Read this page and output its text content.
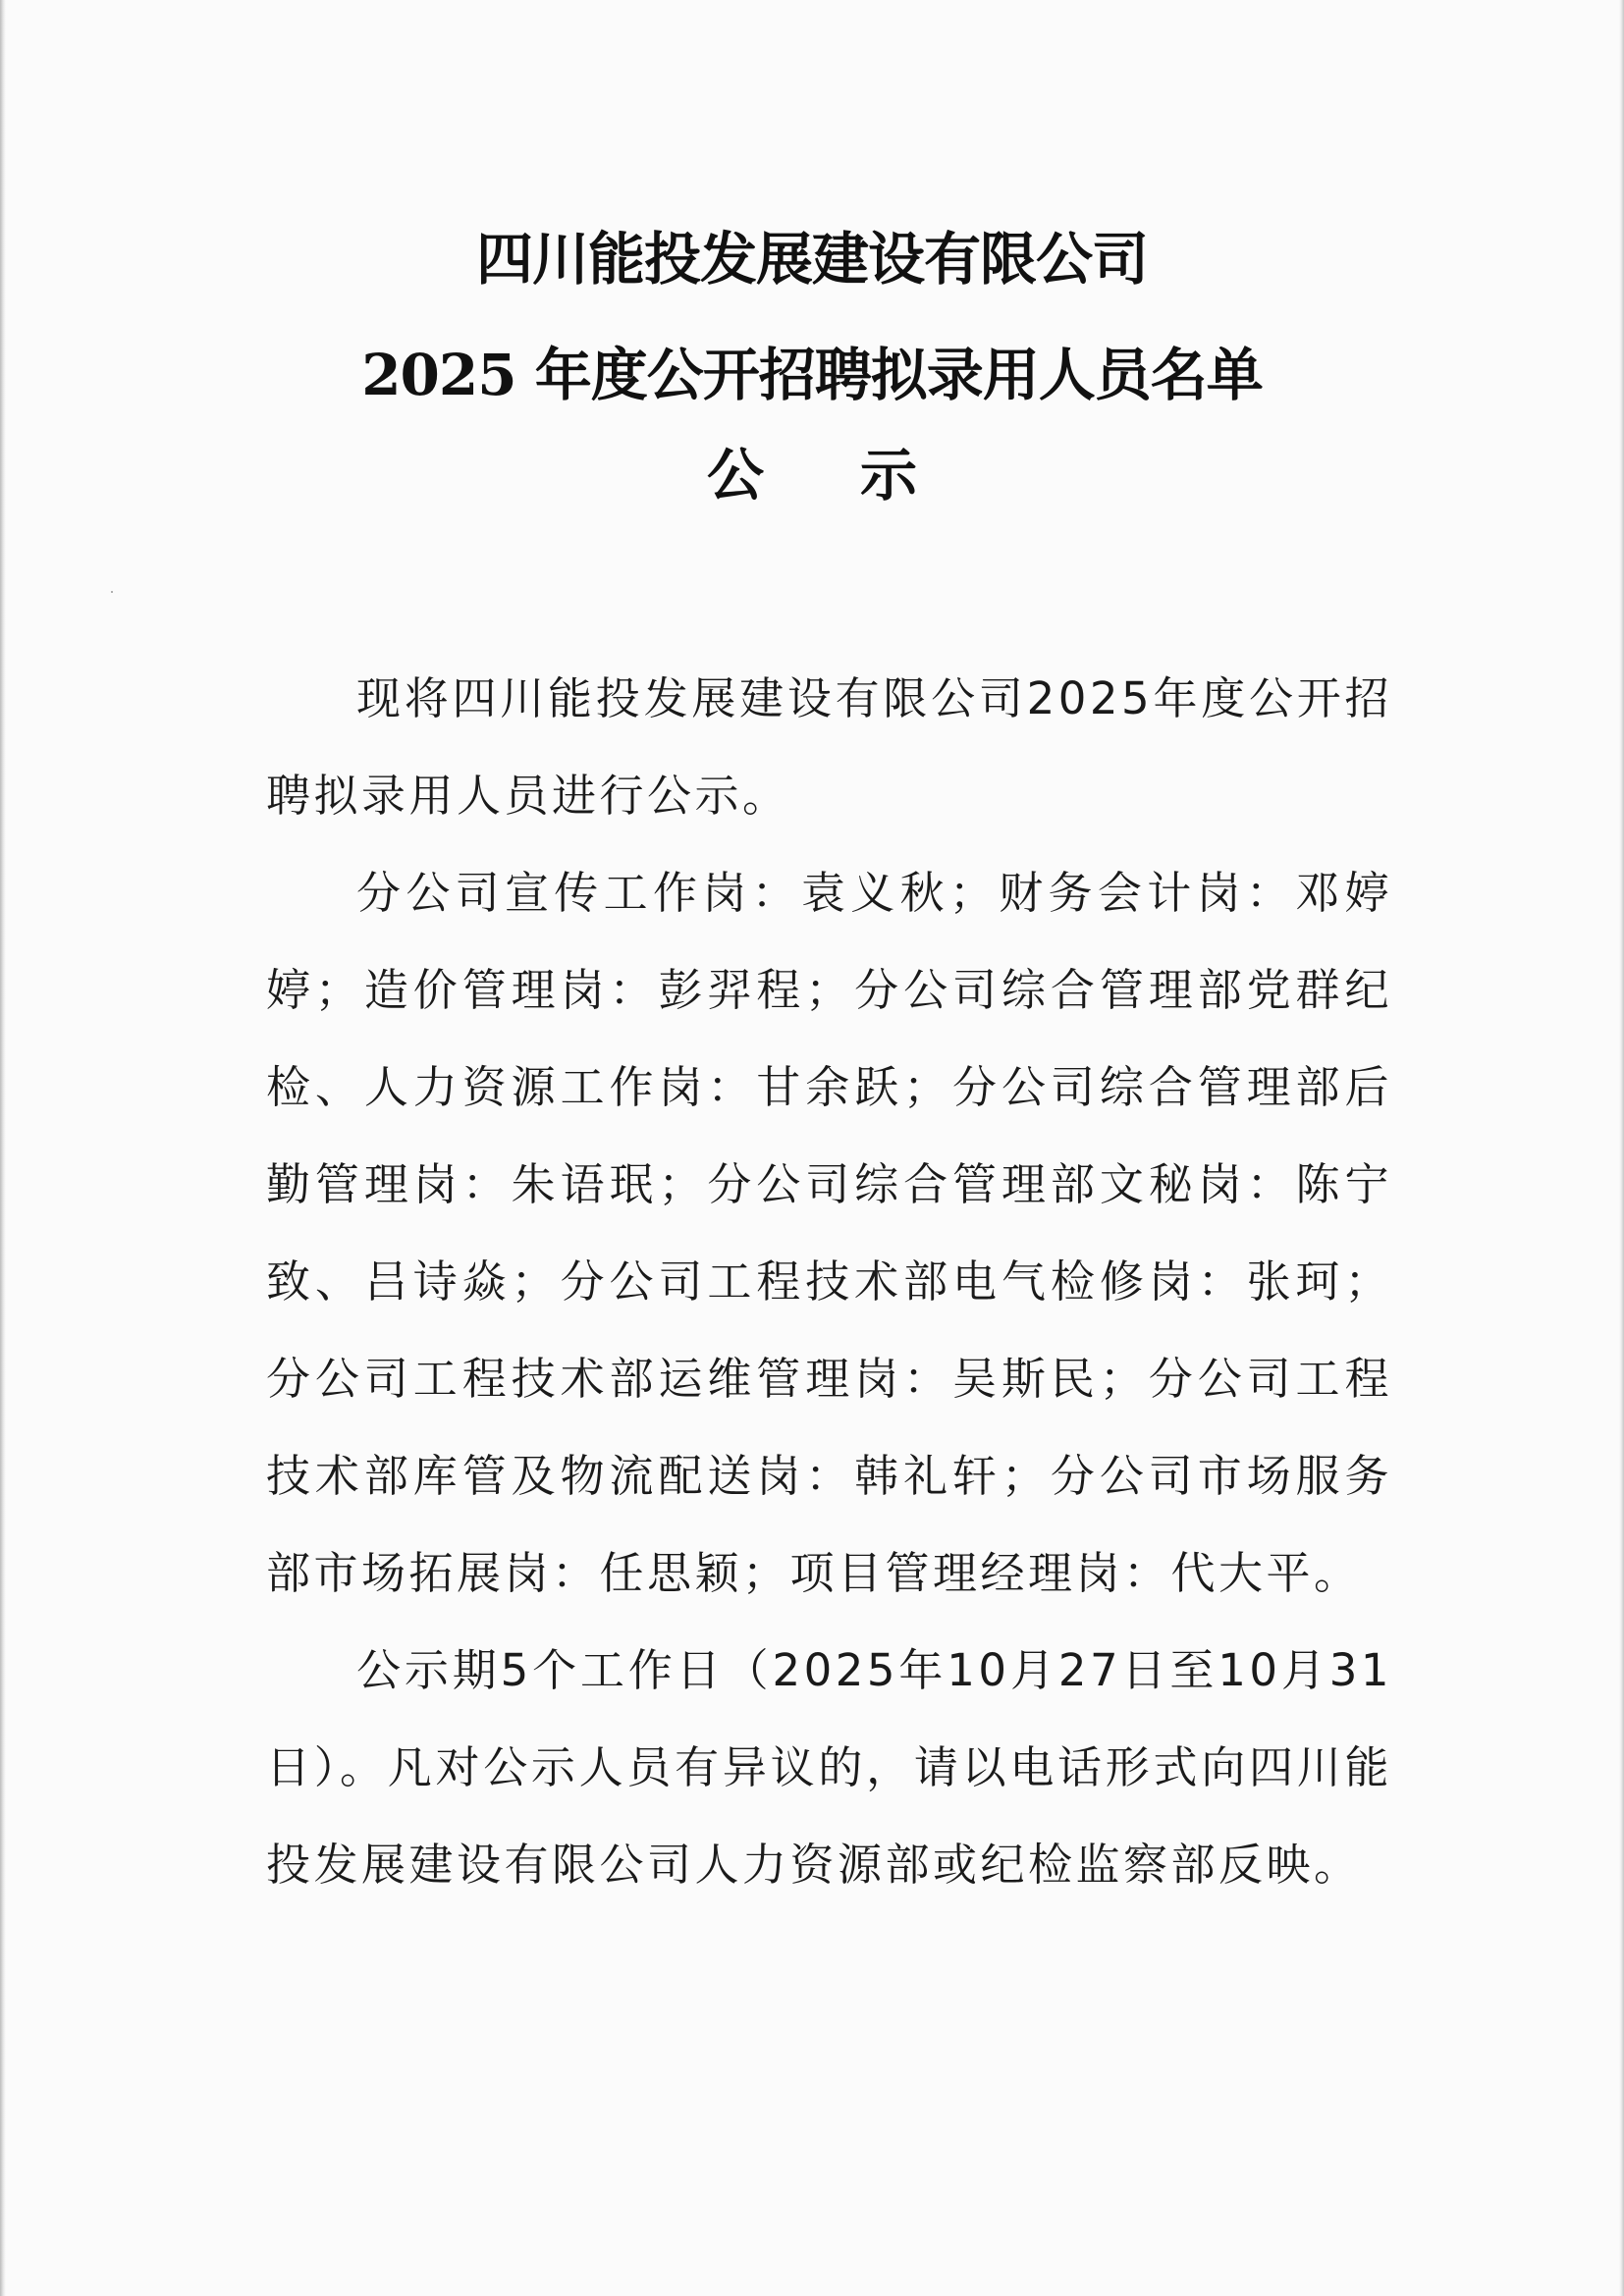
四川能投发展建设有限公司
2025 年度公开招聘拟录用人员名单
公示

现将四川能投发展建设有限公司2025年度公开招聘拟录用人员进行公示。

分公司宣传工作岗：袁义秋；财务会计岗：邓婷婷；造价管理岗：彭羿程；分公司综合管理部党群纪检、人力资源工作岗：甘余跃；分公司综合管理部后勤管理岗：朱语珉；分公司综合管理部文秘岗：陈宁致、吕诗焱；分公司工程技术部电气检修岗：张珂；分公司工程技术部运维管理岗：吴斯民；分公司工程技术部库管及物流配送岗：韩礼轩；分公司市场服务部市场拓展岗：任思颖；项目管理经理岗：代大平。

公示期5个工作日（2025年10月27日至10月31日）。凡对公示人员有异议的，请以电话形式向四川能投发展建设有限公司人力资源部或纪检监察部反映。
